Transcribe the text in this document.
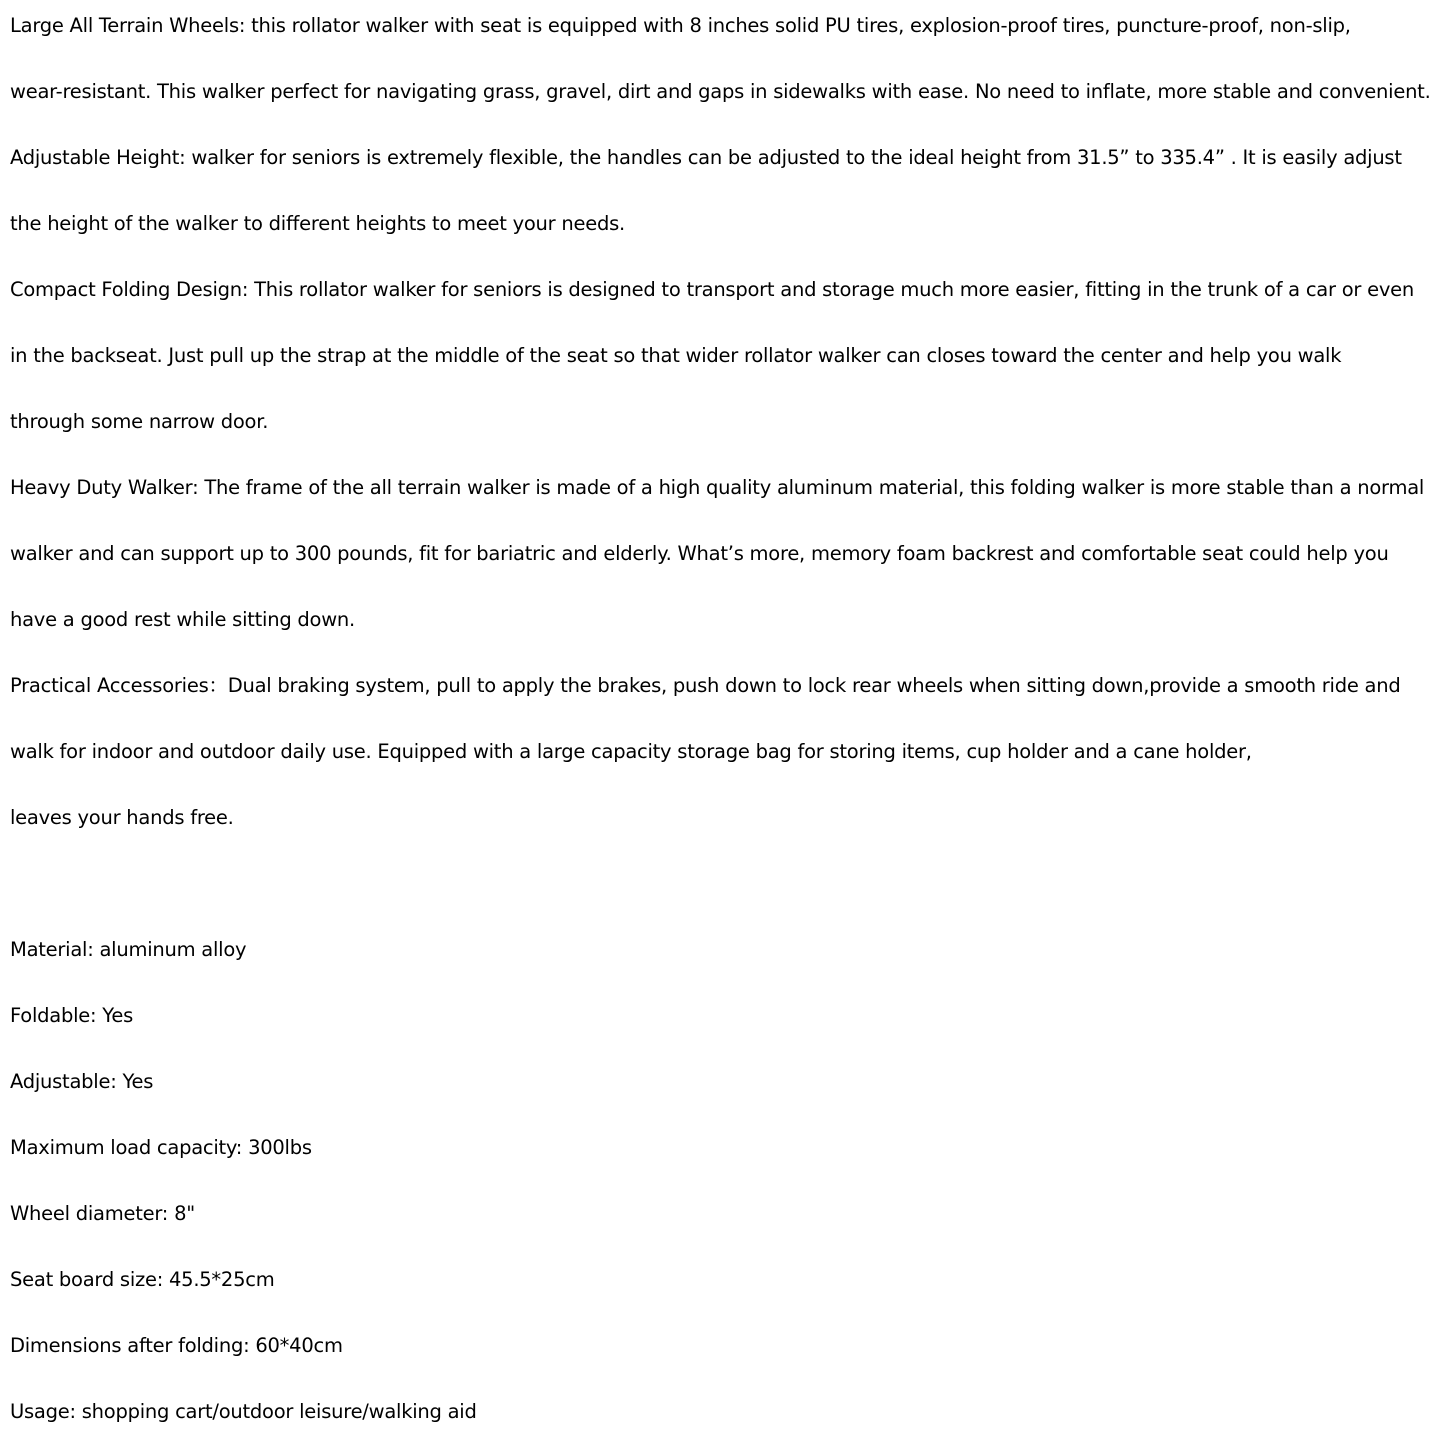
Large All Terrain Wheels: this rollator walker with seat is equipped with 8 inches solid PU tires, explosion-proof tires, puncture-proof, non-slip,
wear-resistant. This walker perfect for navigating grass, gravel, dirt and gaps in sidewalks with ease. No need to inflate, more stable and convenient.
Adjustable Height: walker for seniors is extremely flexible, the handles can be adjusted to the ideal height from 31.5” to 335.4” . It is easily adjust
the height of the walker to different heights to meet your needs.
Compact Folding Design: This rollator walker for seniors is designed to transport and storage much more easier, fitting in the trunk of a car or even
in the backseat. Just pull up the strap at the middle of the seat so that wider rollator walker can closes toward the center and help you walk
through some narrow door.
Heavy Duty Walker: The frame of the all terrain walker is made of a high quality aluminum material, this folding walker is more stable than a normal
walker and can support up to 300 pounds, fit for bariatric and elderly. What’s more, memory foam backrest and comfortable seat could help you
have a good rest while sitting down.
Practical Accessories：Dual braking system, pull to apply the brakes, push down to lock rear wheels when sitting down,provide a smooth ride and
walk for indoor and outdoor daily use. Equipped with a large capacity storage bag for storing items, cup holder and a cane holder,
leaves your hands free.
Material: aluminum alloy
Foldable: Yes
Adjustable: Yes
Maximum load capacity: 300lbs
Wheel diameter: 8"
Seat board size: 45.5*25cm
Dimensions after folding: 60*40cm
Usage: shopping cart/outdoor leisure/walking aid
